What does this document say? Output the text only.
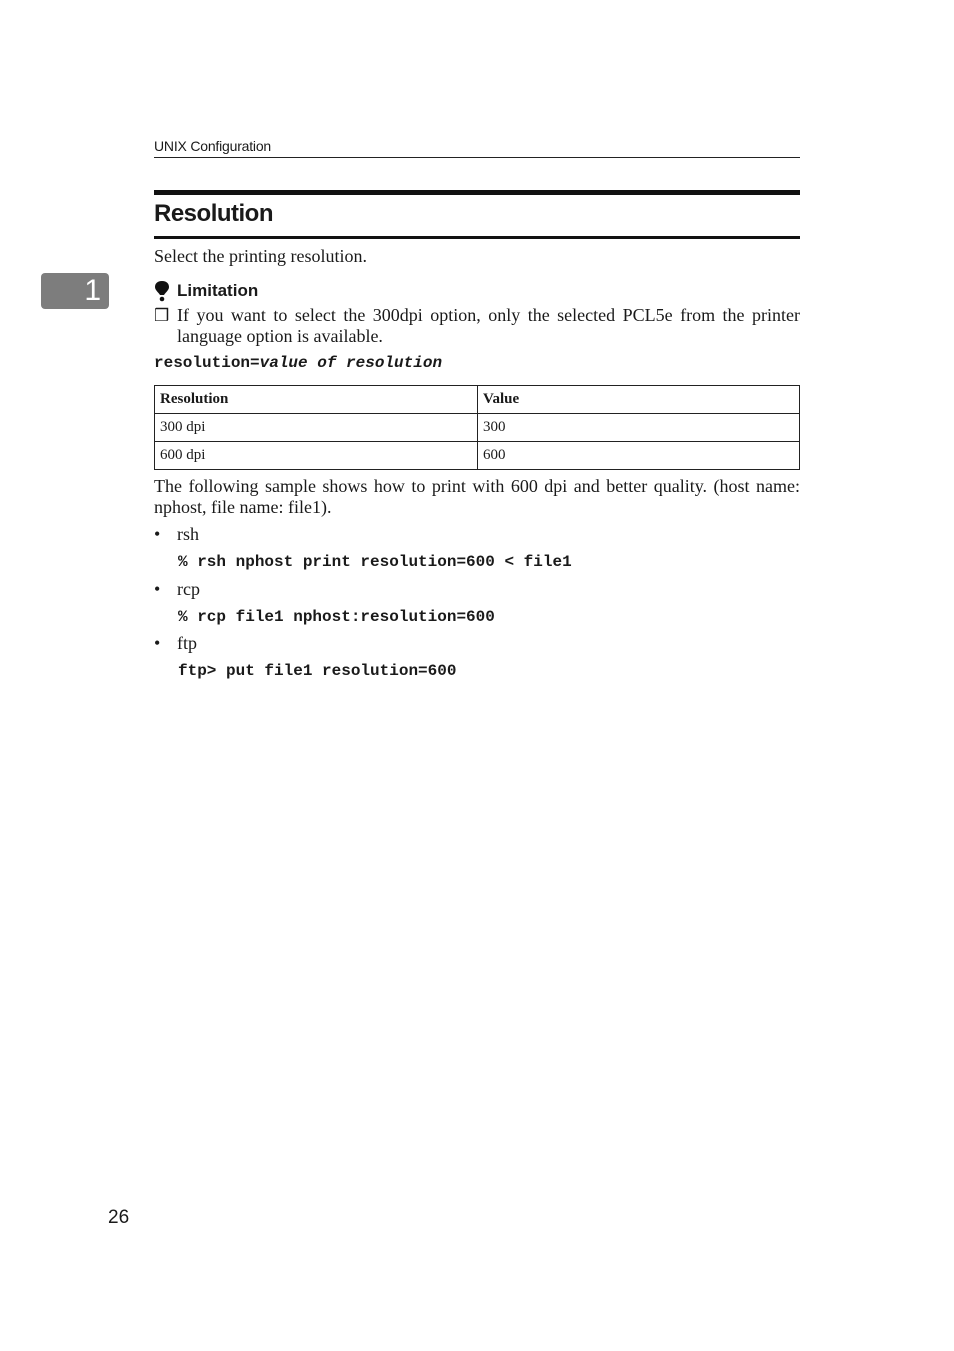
UNIX Configuration
1
Resolution

Select the printing resolution.

Limitation
❒ If you want to select the 300dpi option, only the selected PCL5e from the printer language option is available.
resolution=value of resolution
Resolution	Value
300 dpi	300
600 dpi	600

The following sample shows how to print with 600 dpi and better quality. (host name: nphost, file name: file1).

• rsh
% rsh nphost print resolution=600 < file1
• rcp
% rcp file1 nphost:resolution=600
• ftp
ftp> put file1 resolution=600
26
